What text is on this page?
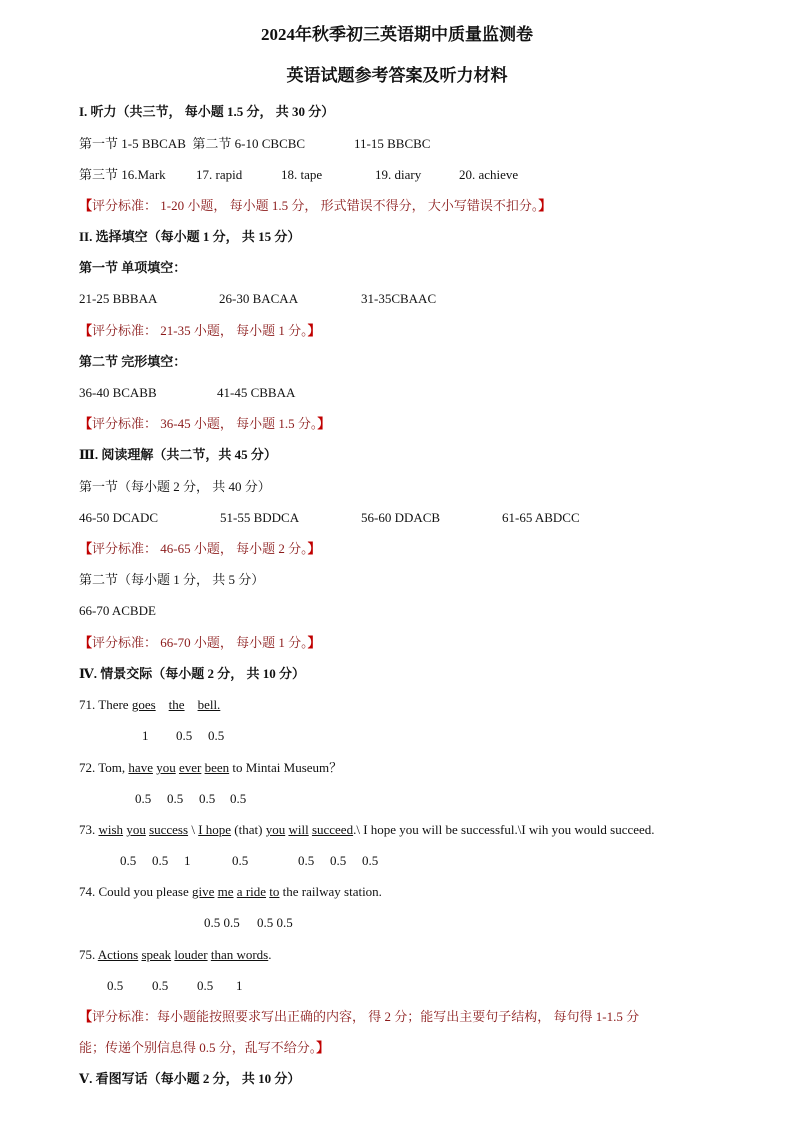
2024年秋季初三英语期中质量监测卷
英语试题参考答案及听力材料
I. 听力（共三节， 每小题 1.5 分， 共 30 分）
第一节 1-5 BBCAB 第二节 6-10 CBCBC	11-15 BBCBC
第三节 16.Mark 17. rapid	18. tape	19. diary	20. achieve
【评分标准： 1-20 小题， 每小题 1.5 分， 形式错误不得分， 大小写错误不扣分。】
II. 选择填空（每小题 1 分， 共 15 分）
第一节 单项填空：
21-25 BBBAA	26-30 BACAA	31-35CBAAC
【评分标准： 21-35 小题， 每小题 1 分。】
第二节 完形填空：
36-40 BCABB	41-45 CBBAA
【评分标准： 36-45 小题， 每小题 1.5 分。】
Ⅲ. 阅读理解（共二节，共 45 分）
第一节（每小题 2 分， 共 40 分）
46-50 DCADC	51-55 BDDCA	56-60 DDACB	61-65 ABDCC
【评分标准： 46-65 小题， 每小题 2 分。】
第二节（每小题 1 分， 共 5 分）
66-70 ACBDE
【评分标准： 66-70 小题， 每小题 1 分。】
Ⅳ. 情景交际（每小题 2 分， 共 10 分）
71. There goes the bell.
1 0.5 0.5
72. Tom, have you ever been to Mintai Museum？
0.5 0.5 0.5 0.5
73. wish you success \ I hope (that) you will succeed.\ I hope you will be successful.\I wih you would succeed.
0.5 0.5 1	0.5	0.5 0.5 0.5
74. Could you please give me a ride to the railway station.
0.5 0.5 0.5 0.5
75. Actions speak louder than words.
0.5 0.5 0.5 1
【评分标准：每小题能按照要求写出正确的内容， 得 2 分；能写出主要句子结构， 每句得 1-1.5 分
能；传递个别信息得 0.5 分，乱写不给分。】
Ⅴ. 看图写话（每小题 2 分， 共 10 分）
